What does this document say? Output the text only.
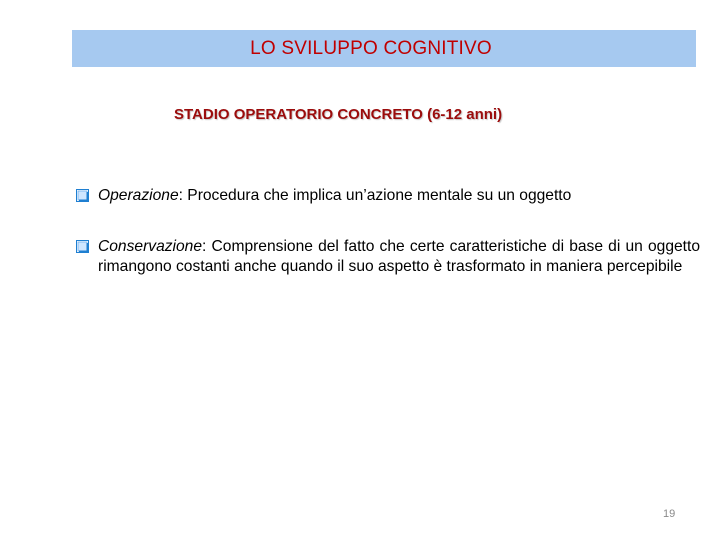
LO SVILUPPO COGNITIVO
STADIO OPERATORIO CONCRETO (6-12 anni)
Operazione: Procedura che implica un’azione mentale su un oggetto
Conservazione: Comprensione del fatto che certe caratteristiche di base di un oggetto rimangono costanti anche quando il suo aspetto è trasformato in maniera percepibile
19
